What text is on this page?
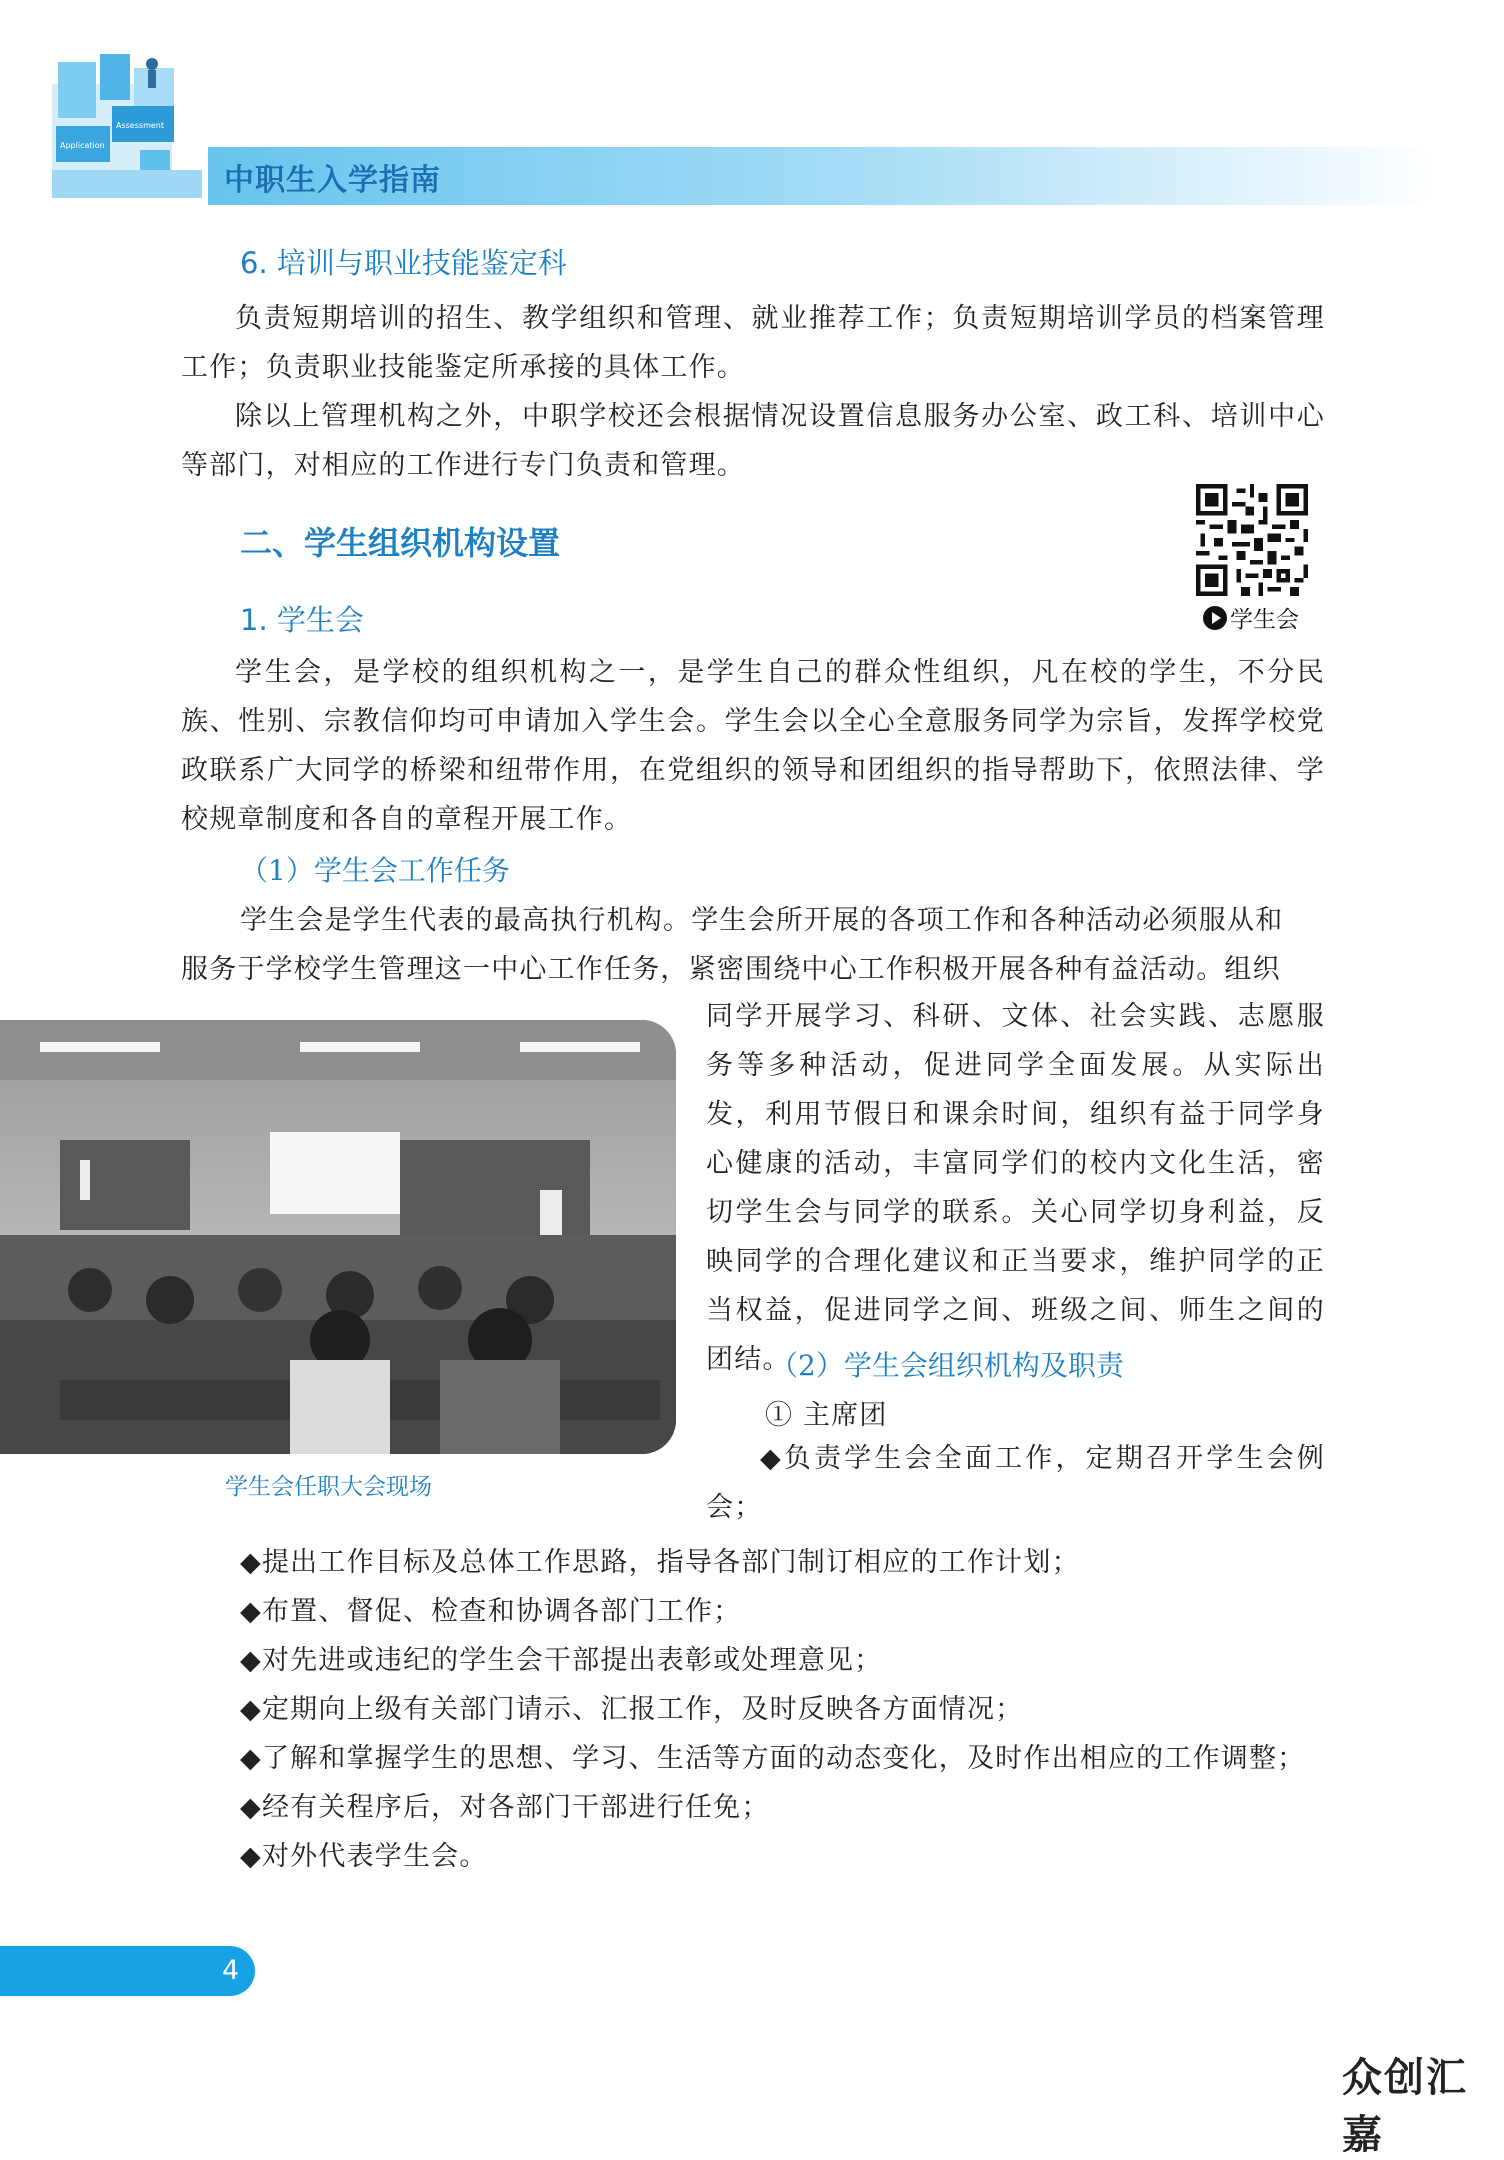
Assessment
Application
中职生入学指南
6. 培训与职业技能鉴定科

负责短期培训的招生、教学组织和管理、就业推荐工作；负责短期培训学员的档案管理工作；负责职业技能鉴定所承接的具体工作。

除以上管理机构之外，中职学校还会根据情况设置信息服务办公室、政工科、培训中心等部门，对相应的工作进行专门负责和管理。

二、学生组织机构设置
学生会
1. 学生会

学生会，是学校的组织机构之一，是学生自己的群众性组织，凡在校的学生，不分民族、性别、宗教信仰均可申请加入学生会。学生会以全心全意服务同学为宗旨，发挥学校党政联系广大同学的桥梁和纽带作用，在党组织的领导和团组织的指导帮助下，依照法律、学校规章制度和各自的章程开展工作。

（1）学生会工作任务
学生会是学生代表的最高执行机构。学生会所开展的各项工作和各种活动必须服从和
服务于学校学生管理这一中心工作任务，紧密围绕中心工作积极开展各种有益活动。组织

同学开展学习、科研、文体、社会实践、志愿服务等多种活动，促进同学全面发展。从实际出发，利用节假日和课余时间，组织有益于同学身心健康的活动，丰富同学们的校内文化生活，密切学生会与同学的联系。关心同学切身利益，反映同学的合理化建议和正当要求，维护同学的正当权益，促进同学之间、班级之间、师生之间的团结。

学生会任职大会现场
（2）学生会组织机构及职责
① 主席团

◆负责学生会全面工作，定期召开学生会例会；

◆提出工作目标及总体工作思路，指导各部门制订相应的工作计划；
◆布置、督促、检查和协调各部门工作；
◆对先进或违纪的学生会干部提出表彰或处理意见；
◆定期向上级有关部门请示、汇报工作，及时反映各方面情况；
◆了解和掌握学生的思想、学习、生活等方面的动态变化，及时作出相应的工作调整；
◆经有关程序后，对各部门干部进行任免；
◆对外代表学生会。
4
众创汇嘉
